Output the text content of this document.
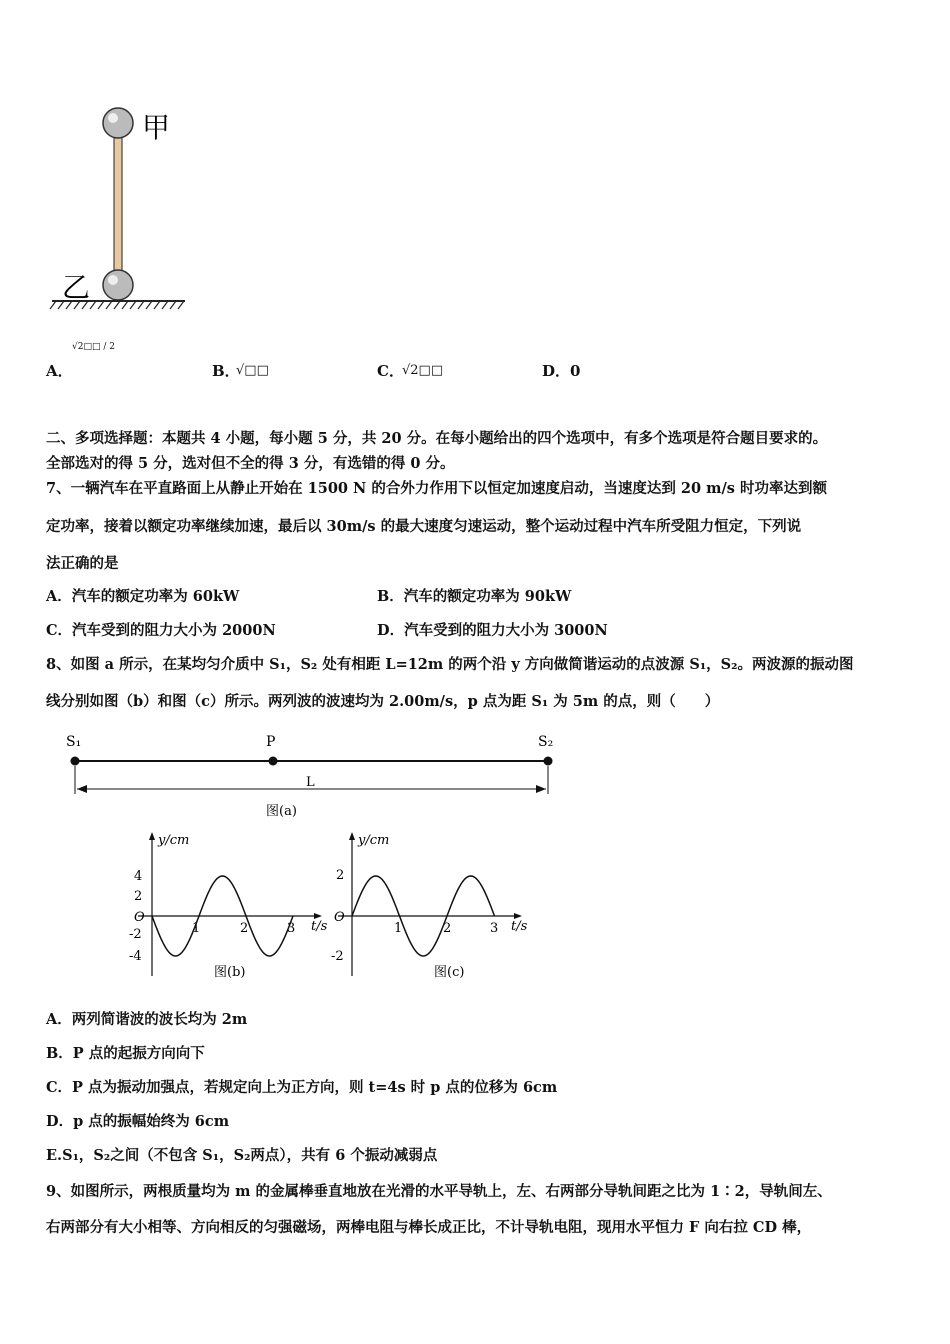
甲
乙
A．
√2□□ / 2
B．
√□□	C．
√2□□	D． 0
二、多项选择题：本题共 4 小题，每小题 5 分，共 20 分。在每小题给出的四个选项中，有多个选项是符合题目要求的。
全部选对的得 5 分，选对但不全的得 3 分，有选错的得 0 分。
7、一辆汽车在平直路面上从静止开始在 1500 N 的合外力作用下以恒定加速度启动，当速度达到 20 m/s 时功率达到额
定功率，接着以额定功率继续加速，最后以 30m/s 的最大速度匀速运动，整个运动过程中汽车所受阻力恒定，下列说
法正确的是
A．汽车的额定功率为 60kW	B．汽车的额定功率为 90kW
C．汽车受到的阻力大小为 2000N	D．汽车受到的阻力大小为 3000N
8、如图 a 所示，在某均匀介质中 S₁，S₂ 处有相距 L=12m 的两个沿 y 方向做简谐运动的点波源 S₁，S₂。两波源的振动图
线分别如图（b）和图（c）所示。两列波的波速均为 2.00m/s，p 点为距 S₁ 为 5m 的点，则（　　）
S₁	P	S₂
L
图(a)
y/cm
t/s
O
4
2
-2
-4
1	2	3
图(b)
y/cm
t/s
O
2
-2
1	2	3
图(c)
A．两列简谐波的波长均为 2m
B．P 点的起振方向向下
C．P 点为振动加强点，若规定向上为正方向，则 t=4s 时 p 点的位移为 6cm
D．p 点的振幅始终为 6cm
E.S₁，S₂之间（不包含 S₁，S₂两点），共有 6 个振动减弱点
9、如图所示，两根质量均为 m 的金属棒垂直地放在光滑的水平导轨上，左、右两部分导轨间距之比为 1∶2，导轨间左、
右两部分有大小相等、方向相反的匀强磁场，两棒电阻与棒长成正比，不计导轨电阻，现用水平恒力 F 向右拉 CD 棒，
